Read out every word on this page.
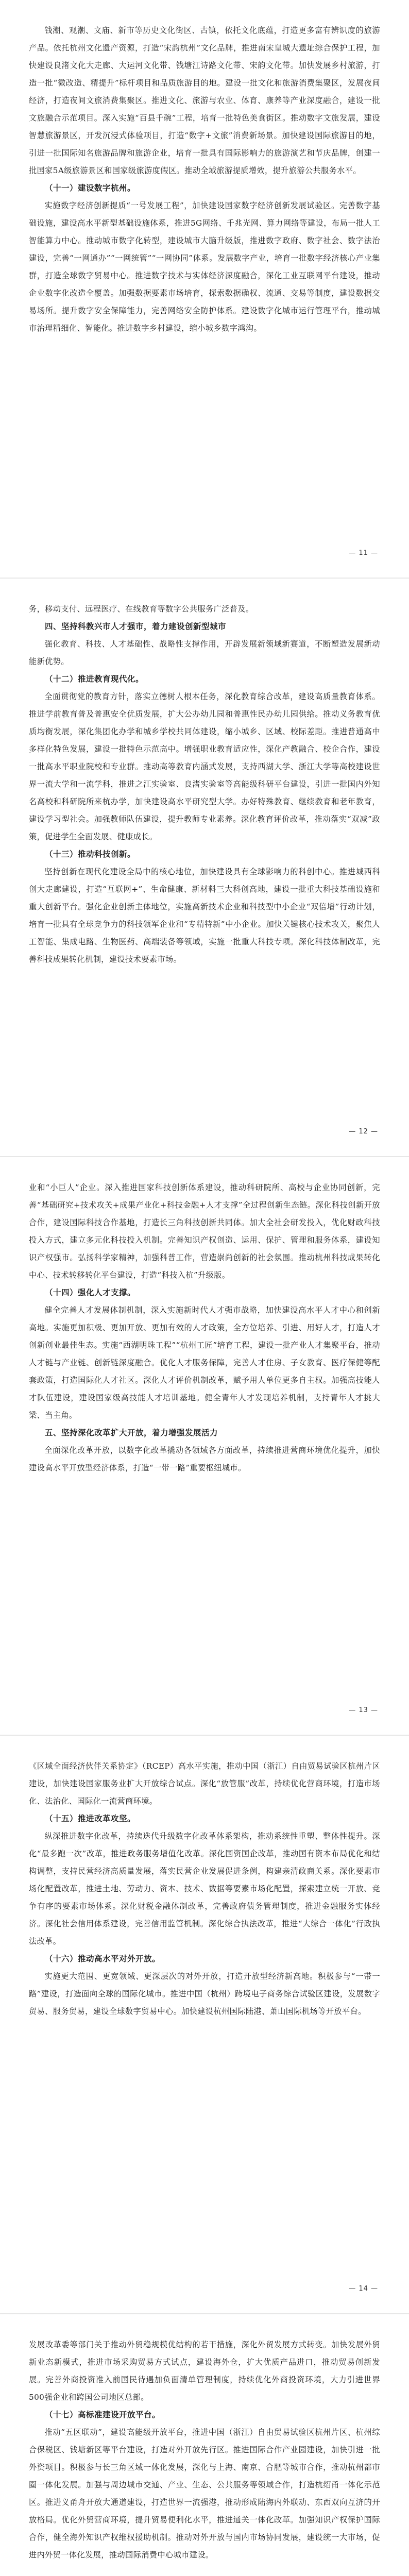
钱潮、观潮、文庙、新市等历史文化街区、古镇，依托文化底蕴，打造更多富有辨识度的旅游产品。依托杭州文化遗产资源，打造“宋韵杭州”文化品牌，推进南宋皇城大遗址综合保护工程，加快建设良渚文化大走廊、大运河文化带、钱塘江诗路文化带、宋韵文化带。加快发展乡村旅游，打造一批“微改造、精提升”标杆项目和品质旅游目的地。建设一批文化和旅游消费集聚区，发展夜间经济，打造夜间文旅消费集聚区。推进文化、旅游与农业、体育、康养等产业深度融合，建设一批文旅融合示范项目。深入实施“百县千碗”工程，培育一批特色美食街区。推动数字文旅发展，建设智慧旅游景区，开发沉浸式体验项目，打造“数字+文旅”消费新场景。加快建设国际旅游目的地，引进一批国际知名旅游品牌和旅游企业，培育一批具有国际影响力的旅游演艺和节庆品牌，创建一批国家5A级旅游景区和国家级旅游度假区。推动全域旅游提质增效，提升旅游公共服务水平。

（十一）建设数字杭州。

实施数字经济创新提质“一号发展工程”，加快建设国家数字经济创新发展试验区。完善数字基础设施，建设高水平新型基础设施体系，推进5G网络、千兆光网、算力网络等建设，布局一批人工智能算力中心。推动城市数字化转型，建设城市大脑升级版，推进数字政府、数字社会、数字法治建设，完善“一网通办”“一网统管”“一网协同”体系。发展数字产业，培育一批数字经济核心产业集群，打造全球数字贸易中心。推进数字技术与实体经济深度融合，深化工业互联网平台建设，推动企业数字化改造全覆盖。加强数据要素市场培育，探索数据确权、流通、交易等制度，建设数据交易场所。提升数字安全保障能力，完善网络安全防护体系。建设数字化城市运行管理平台，推动城市治理精细化、智能化。推进数字乡村建设，缩小城乡数字鸿沟。

— 11 —

务，移动支付、远程医疗、在线教育等数字公共服务广泛普及。

四、坚持科教兴市人才强市，着力建设创新型城市

强化教育、科技、人才基础性、战略性支撑作用，开辟发展新领域新赛道，不断塑造发展新动能新优势。

（十二）推进教育现代化。

全面贯彻党的教育方针，落实立德树人根本任务，深化教育综合改革，建设高质量教育体系。推进学前教育普及普惠安全优质发展，扩大公办幼儿园和普惠性民办幼儿园供给。推动义务教育优质均衡发展，深化集团化办学和城乡学校共同体建设，缩小城乡、区域、校际差距。推进普通高中多样化特色发展，建设一批特色示范高中。增强职业教育适应性，深化产教融合、校企合作，建设一批高水平职业院校和专业群。推动高等教育内涵式发展，支持西湖大学、浙江大学等高校建设世界一流大学和一流学科，推进之江实验室、良渚实验室等高能级科研平台建设，引进一批国内外知名高校和科研院所来杭办学，加快建设高水平研究型大学。办好特殊教育、继续教育和老年教育，建设学习型社会。加强教师队伍建设，提升教师专业素养。深化教育评价改革，推动落实“双减”政策，促进学生全面发展、健康成长。

（十三）推动科技创新。

坚持创新在现代化建设全局中的核心地位，加快建设具有全球影响力的科创中心。推进城西科创大走廊建设，打造“互联网+”、生命健康、新材料三大科创高地，建设一批重大科技基础设施和重大创新平台。强化企业创新主体地位，实施高新技术企业和科技型中小企业“双倍增”行动计划，培育一批具有全球竞争力的科技领军企业和“专精特新”中小企业。加快关键核心技术攻关，聚焦人工智能、集成电路、生物医药、高端装备等领域，实施一批重大科技专项。深化科技体制改革，完善科技成果转化机制，建设技术要素市场。

— 12 —

业和“小巨人”企业。深入推进国家科技创新体系建设，推动科研院所、高校与企业协同创新，完善“基础研究+技术攻关+成果产业化+科技金融+人才支撑”全过程创新生态链。深化科技创新开放合作，建设国际科技合作基地，打造长三角科技创新共同体。加大全社会研发投入，优化财政科技投入方式，建立多元化科技投入机制。完善知识产权创造、运用、保护、管理和服务体系，建设知识产权强市。弘扬科学家精神，加强科普工作，营造崇尚创新的社会氛围。推动杭州科技成果转化中心、技术转移转化平台建设，打造“科技入杭”升级版。

（十四）强化人才支撑。

健全完善人才发展体制机制，深入实施新时代人才强市战略，加快建设高水平人才中心和创新高地。实施更加积极、更加开放、更加有效的人才政策，全方位培养、引进、用好人才，打造人才创新创业最佳生态。实施“西湖明珠工程”“杭州工匠”培育工程，建设一批产业人才集聚平台，推动人才链与产业链、创新链深度融合。优化人才服务保障，完善人才住房、子女教育、医疗保健等配套政策，打造国际化人才社区。深化人才评价机制改革，赋予用人单位更多自主权。加强高技能人才队伍建设，建设国家级高技能人才培训基地。健全青年人才发现培养机制，支持青年人才挑大梁、当主角。

五、坚持深化改革扩大开放，着力增强发展活力

全面深化改革开放，以数字化改革撬动各领域各方面改革，持续推进营商环境优化提升，加快建设高水平开放型经济体系，打造“一带一路”重要枢纽城市。

— 13 —

《区域全面经济伙伴关系协定》（RCEP）高水平实施，推动中国（浙江）自由贸易试验区杭州片区建设，加快建设国家服务业扩大开放综合试点。深化“放管服”改革，持续优化营商环境，打造市场化、法治化、国际化一流营商环境。

（十五）推进改革攻坚。

纵深推进数字化改革，持续迭代升级数字化改革体系架构，推动系统性重塑、整体性提升。深化“最多跑一次”改革，推进政务服务增值化改革。深化国资国企改革，推动国有资本布局优化和结构调整，支持民营经济高质量发展，落实民营企业发展促进条例，构建亲清政商关系。深化要素市场化配置改革，推进土地、劳动力、资本、技术、数据等要素市场化配置，探索建立统一开放、竞争有序的要素市场体系。深化财税金融体制改革，完善政府债务管理制度，推进金融服务实体经济。深化社会信用体系建设，完善信用监管机制。深化综合执法改革，推进“大综合一体化”行政执法改革。

（十六）推动高水平对外开放。

实施更大范围、更宽领域、更深层次的对外开放，打造开放型经济新高地。积极参与“一带一路”建设，打造面向全球的国际化城市。推进中国（杭州）跨境电子商务综合试验区建设，发展数字贸易、服务贸易，建设全球数字贸易中心。加快建设杭州国际陆港、萧山国际机场等开放平台。

— 14 —

发展改革委等部门关于推动外贸稳规模优结构的若干措施，深化外贸发展方式转变。加快发展外贸新业态新模式，推进市场采购贸易方式试点，建设海外仓，扩大优质产品进口，推动贸易创新发展。完善外商投资准入前国民待遇加负面清单管理制度，持续优化外商投资环境，大力引进世界500强企业和跨国公司地区总部。

（十七）高标准建设开放平台。

推动“五区联动”，建设高能级开放平台，推进中国（浙江）自由贸易试验区杭州片区、杭州综合保税区、钱塘新区等平台建设，打造对外开放先行区。推进国际合作产业园建设，加快引进一批外资项目。积极参与长三角区域一体化发展，深化与上海、南京、合肥等城市合作，推动杭州都市圈一体化发展。加强与周边城市交通、产业、生态、公共服务等领域合作，打造杭绍甬一体化示范区。推进义甬舟开放大通道建设，打造世界一流强港，推动形成陆海内外联动、东西双向互济的开放格局。优化外贸营商环境，提升贸易便利化水平，推进通关一体化改革。加强知识产权保护国际合作，健全海外知识产权维权援助机制。推动对外开放与国内市场协同发展，建设统一大市场，促进内外贸一体化发展，推动国际消费中心城市建设。
